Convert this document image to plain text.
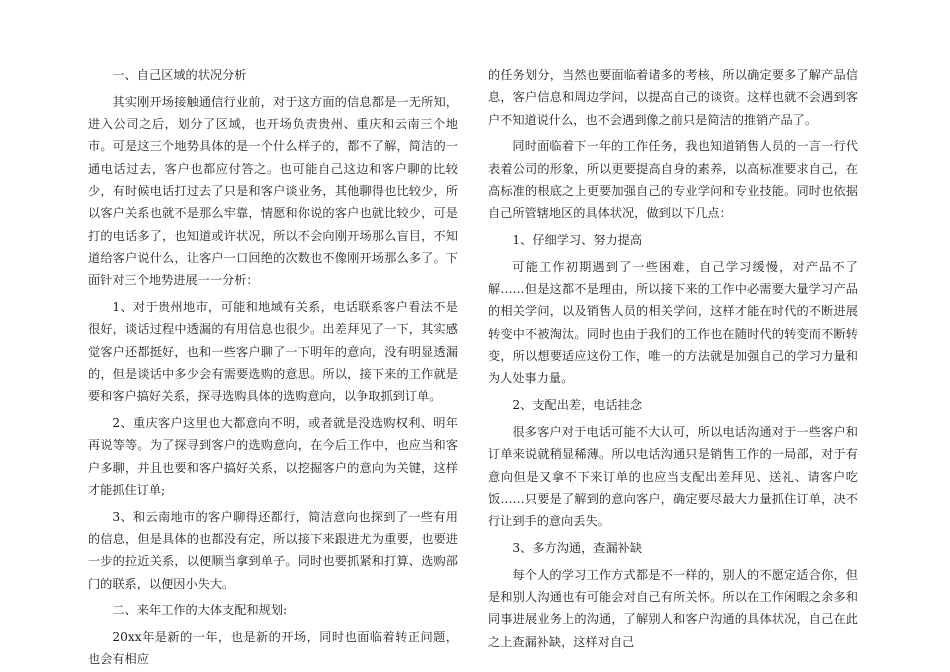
一、自己区域的状况分析

其实刚开场接触通信行业前，对于这方面的信息都是一无所知，进入公司之后，划分了区域，也开场负责贵州、重庆和云南三个地市。可是这三个地势具体的是一个什么样子的，都不了解，简洁的一通电话过去，客户也都应付答之。也可能自己这边和客户聊的比较少，有时候电话打过去了只是和客户谈业务，其他聊得也比较少，所以客户关系也就不是那么牢靠，情愿和你说的客户也就比较少，可是打的电话多了，也知道或许状况，所以不会向刚开场那么盲目，不知道给客户说什么，让客户一口回绝的次数也不像刚开场那么多了。下面针对三个地势进展一一分析：

1、对于贵州地市，可能和地域有关系，电话联系客户看法不是很好，谈话过程中透漏的有用信息也很少。出差拜见了一下，其实感觉客户还都挺好，也和一些客户聊了一下明年的意向，没有明显透漏的，但是谈话中多少会有需要选购的意思。所以，接下来的工作就是要和客户搞好关系，探寻选购具体的选购意向，以争取抓到订单。

2、重庆客户这里也大都意向不明，或者就是没选购权利、明年再说等等。为了探寻到客户的选购意向，在今后工作中，也应当和客户多聊，并且也要和客户搞好关系，以挖掘客户的意向为关键，这样才能抓住订单;

3、和云南地市的客户聊得还都行，简洁意向也探到了一些有用的信息，但是具体的也都没有定，所以接下来跟进尤为重要，也要进一步的拉近关系，以便顺当拿到单子。同时也要抓紧和打算、选购部门的联系，以便因小失大。

二、来年工作的大体支配和规划:

20xx年是新的一年，也是新的开场，同时也面临着转正问题，也会有相应

的任务划分，当然也要面临着诸多的考核，所以确定要多了解产品信息，客户信息和周边学问，以提高自己的谈资。这样也就不会遇到客户不知道说什么，也不会遇到像之前只是简洁的推销产品了。

同时面临着下一年的工作任务，我也知道销售人员的一言一行代表着公司的形象，所以更要提高自身的素养，以高标准要求自己，在高标准的根底之上更要加强自己的专业学问和专业技能。同时也依据自己所管辖地区的具体状况，做到以下几点：

1、仔细学习、努力提高

可能工作初期遇到了一些困难，自己学习缓慢，对产品不了解……但是这都不是理由，所以接下来的工作中必需要大量学习产品的相关学问，以及销售人员的相关学问，这样才能在时代的不断进展转变中不被淘汰。同时也由于我们的工作也在随时代的转变而不断转变，所以想要适应这份工作，唯一的方法就是加强自己的学习力量和为人处事力量。

2、支配出差，电话挂念

很多客户对于电话可能不大认可，所以电话沟通对于一些客户和订单来说就稍显稀薄。所以电话沟通只是销售工作的一局部，对于有意向但是又拿不下来订单的也应当支配出差拜见、送礼、请客户吃饭……只要是了解到的意向客户，确定要尽最大力量抓住订单，决不行让到手的意向丢失。

3、多方沟通，查漏补缺

每个人的学习工作方式都是不一样的，别人的不愿定适合你，但是和别人沟通也有可能会对自己有所关怀。所以在工作闲暇之余多和同事进展业务上的沟通，了解别人和客户沟通的具体状况，自己在此之上查漏补缺，这样对自己
